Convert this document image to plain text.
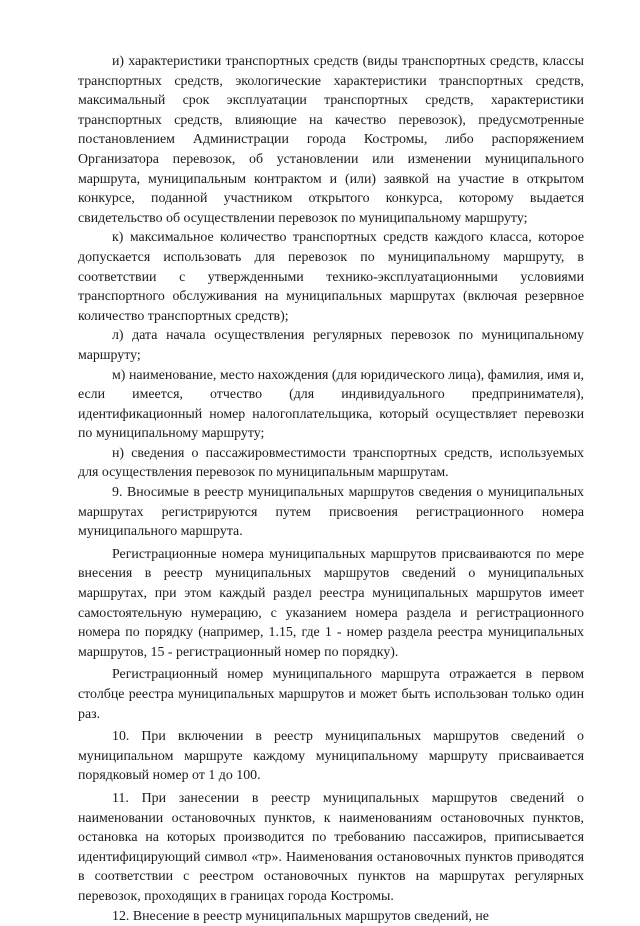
и) характеристики транспортных средств (виды транспортных средств, классы транспортных средств, экологические характеристики транспортных средств, максимальный срок эксплуатации транспортных средств, характеристики транспортных средств, влияющие на качество перевозок), предусмотренные постановлением Администрации города Костромы, либо распоряжением Организатора перевозок, об установлении или изменении муниципального маршрута, муниципальным контрактом и (или) заявкой на участие в открытом конкурсе, поданной участником открытого конкурса, которому выдается свидетельство об осуществлении перевозок по муниципальному маршруту;

к) максимальное количество транспортных средств каждого класса, которое допускается использовать для перевозок по муниципальному маршруту, в соответствии с утвержденными технико-эксплуатационными условиями транспортного обслуживания на муниципальных маршрутах (включая резервное количество транспортных средств);

л) дата начала осуществления регулярных перевозок по муниципальному маршруту;

м) наименование, место нахождения (для юридического лица), фамилия, имя и, если имеется, отчество (для индивидуального предпринимателя), идентификационный номер налогоплательщика, который осуществляет перевозки по муниципальному маршруту;

н) сведения о пассажировместимости транспортных средств, используемых для осуществления перевозок по муниципальным маршрутам.

9. Вносимые в реестр муниципальных маршрутов сведения о муниципальных маршрутах регистрируются путем присвоения регистрационного номера муниципального маршрута.

Регистрационные номера муниципальных маршрутов присваиваются по мере внесения в реестр муниципальных маршрутов сведений о муниципальных маршрутах, при этом каждый раздел реестра муниципальных маршрутов имеет самостоятельную нумерацию, с указанием номера раздела и регистрационного номера по порядку (например, 1.15, где 1 - номер раздела реестра муниципальных маршрутов, 15 - регистрационный номер по порядку).

Регистрационный номер муниципального маршрута отражается в первом столбце реестра муниципальных маршрутов и может быть использован только один раз.

10. При включении в реестр муниципальных маршрутов сведений о муниципальном маршруте каждому муниципальному маршруту присваивается порядковый номер от 1 до 100.

11. При занесении в реестр муниципальных маршрутов сведений о наименовании остановочных пунктов, к наименованиям остановочных пунктов, остановка на которых производится по требованию пассажиров, приписывается идентифицирующий символ «тр». Наименования остановочных пунктов приводятся в соответствии с реестром остановочных пунктов на маршрутах регулярных перевозок, проходящих в границах города Костромы.

12. Внесение в реестр муниципальных маршрутов сведений, не
